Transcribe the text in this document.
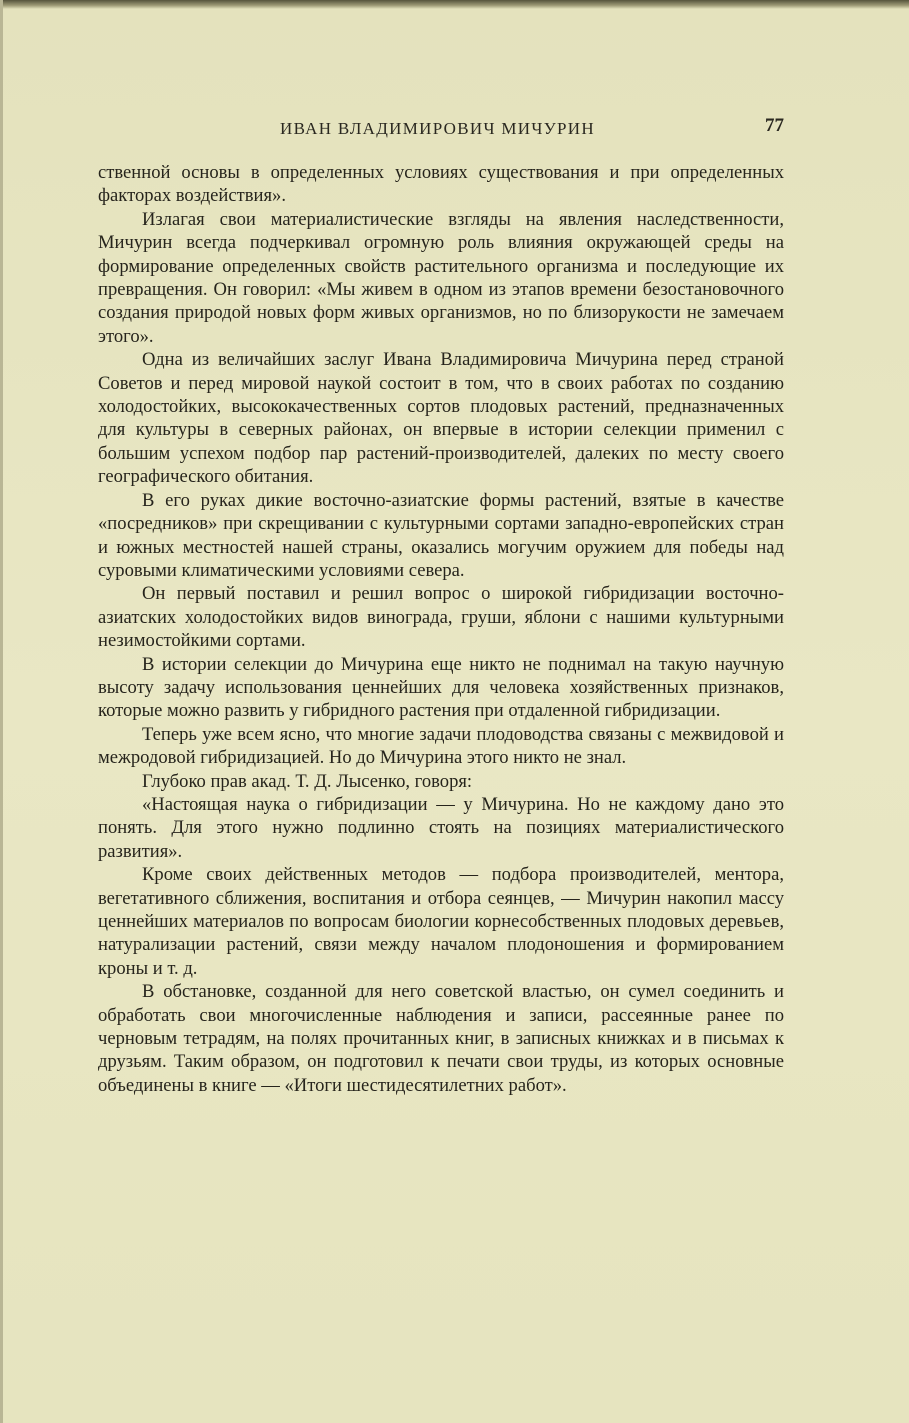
ИВАН ВЛАДИМИРОВИЧ МИЧУРИН	77

ственной основы в определенных условиях существования и при определенных факторах воздействия».

Излагая свои материалистические взгляды на явления наследственности, Мичурин всегда подчеркивал огромную роль влияния окружающей среды на формирование определенных свойств растительного организма и последующие их превращения. Он говорил: «Мы живем в одном из этапов времени безостановочного создания природой новых форм живых организмов, но по близорукости не замечаем этого».

Одна из величайших заслуг Ивана Владимировича Мичурина перед страной Советов и перед мировой наукой состоит в том, что в своих работах по созданию холодостойких, высококачественных сортов плодовых растений, предназначенных для культуры в северных районах, он впервые в истории селекции применил с большим успехом подбор пар растений-производителей, далеких по месту своего географического обитания.

В его руках дикие восточно-азиатские формы растений, взятые в качестве «посредников» при скрещивании с культурными сортами западно-европейских стран и южных местностей нашей страны, оказались могучим оружием для победы над суровыми климатическими условиями севера.

Он первый поставил и решил вопрос о широкой гибридизации восточно-азиатских холодостойких видов винограда, груши, яблони с нашими культурными незимостойкими сортами.

В истории селекции до Мичурина еще никто не поднимал на такую научную высоту задачу использования ценнейших для человека хозяйственных признаков, которые можно развить у гибридного растения при отдаленной гибридизации.

Теперь уже всем ясно, что многие задачи плодоводства связаны с межвидовой и межродовой гибридизацией. Но до Мичурина этого никто не знал.

Глубоко прав акад. Т. Д. Лысенко, говоря:

«Настоящая наука о гибридизации — у Мичурина. Но не каждому дано это понять. Для этого нужно подлинно стоять на позициях материалистического развития».

Кроме своих действенных методов — подбора производителей, ментора, вегетативного сближения, воспитания и отбора сеянцев, — Мичурин накопил массу ценнейших материалов по вопросам биологии корнесобственных плодовых деревьев, натурализации растений, связи между началом плодоношения и формированием кроны и т. д.

В обстановке, созданной для него советской властью, он сумел соединить и обработать свои многочисленные наблюдения и записи, рассеянные ранее по черновым тетрадям, на полях прочитанных книг, в записных книжках и в письмах к друзьям. Таким образом, он подготовил к печати свои труды, из которых основные объединены в книге — «Итоги шестидесятилетних работ».
